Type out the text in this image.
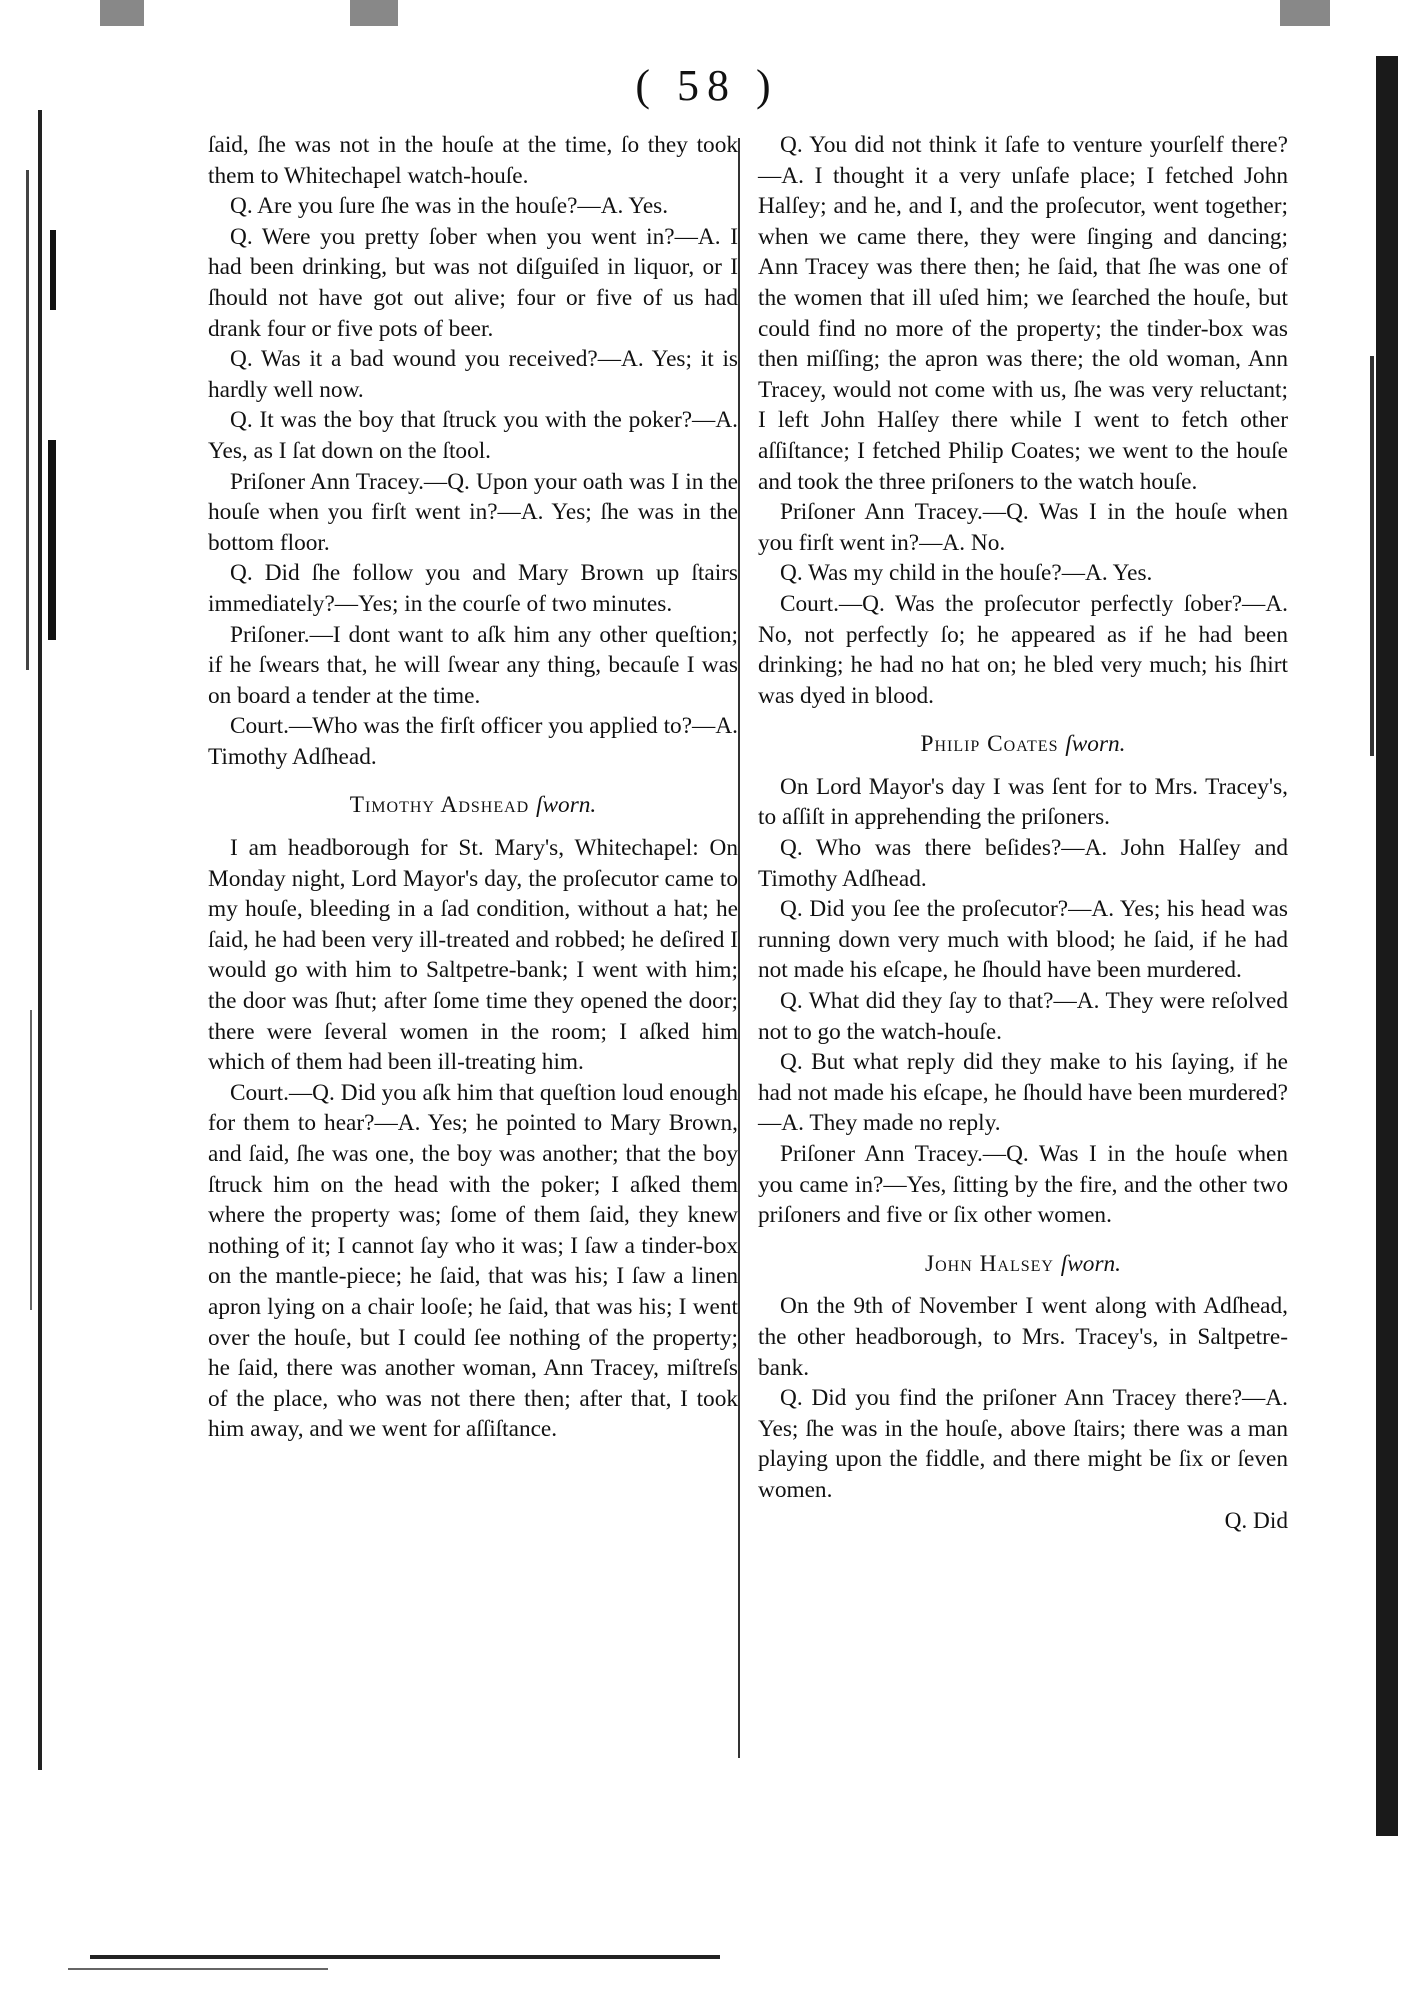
( 58 )

ſaid, ſhe was not in the houſe at the time, ſo they took them to Whitechapel watch-houſe.

Q. Are you ſure ſhe was in the houſe?—A. Yes.

Q. Were you pretty ſober when you went in?—A. I had been drinking, but was not diſguiſed in liquor, or I ſhould not have got out alive; four or five of us had drank four or five pots of beer.

Q. Was it a bad wound you received?—A. Yes; it is hardly well now.

Q. It was the boy that ſtruck you with the poker?—A. Yes, as I ſat down on the ſtool.

Priſoner Ann Tracey.—Q. Upon your oath was I in the houſe when you firſt went in?—A. Yes; ſhe was in the bottom floor.

Q. Did ſhe follow you and Mary Brown up ſtairs immediately?—Yes; in the courſe of two minutes.

Priſoner.—I dont want to aſk him any other queſtion; if he ſwears that, he will ſwear any thing, becauſe I was on board a tender at the time.

Court.—Who was the firſt officer you applied to?—A. Timothy Adſhead.

Timothy Adshead ſworn.

I am headborough for St. Mary's, Whitechapel: On Monday night, Lord Mayor's day, the proſecutor came to my houſe, bleeding in a ſad condition, without a hat; he ſaid, he had been very ill-treated and robbed; he deſired I would go with him to Saltpetre-bank; I went with him; the door was ſhut; after ſome time they opened the door; there were ſeveral women in the room; I aſked him which of them had been ill-treating him.

Court.—Q. Did you aſk him that queſtion loud enough for them to hear?—A. Yes; he pointed to Mary Brown, and ſaid, ſhe was one, the boy was another; that the boy ſtruck him on the head with the poker; I aſked them where the property was; ſome of them ſaid, they knew nothing of it; I cannot ſay who it was; I ſaw a tinder-box on the mantle-piece; he ſaid, that was his; I ſaw a linen apron lying on a chair looſe; he ſaid, that was his; I went over the houſe, but I could ſee nothing of the property; he ſaid, there was another woman, Ann Tracey, miſtreſs of the place, who was not there then; after that, I took him away, and we went for aſſiſtance.

Q. You did not think it ſafe to venture yourſelf there?—A. I thought it a very unſafe place; I fetched John Halſey; and he, and I, and the proſecutor, went together; when we came there, they were ſinging and dancing; Ann Tracey was there then; he ſaid, that ſhe was one of the women that ill uſed him; we ſearched the houſe, but could find no more of the property; the tinder-box was then miſſing; the apron was there; the old woman, Ann Tracey, would not come with us, ſhe was very reluctant; I left John Halſey there while I went to fetch other aſſiſtance; I fetched Philip Coates; we went to the houſe and took the three priſoners to the watch houſe.

Priſoner Ann Tracey.—Q. Was I in the houſe when you firſt went in?—A. No.

Q. Was my child in the houſe?—A. Yes.

Court.—Q. Was the proſecutor perfectly ſober?—A. No, not perfectly ſo; he appeared as if he had been drinking; he had no hat on; he bled very much; his ſhirt was dyed in blood.

Philip Coates ſworn.

On Lord Mayor's day I was ſent for to Mrs. Tracey's, to aſſiſt in apprehending the priſoners.

Q. Who was there beſides?—A. John Halſey and Timothy Adſhead.

Q. Did you ſee the proſecutor?—A. Yes; his head was running down very much with blood; he ſaid, if he had not made his eſcape, he ſhould have been murdered.

Q. What did they ſay to that?—A. They were reſolved not to go the watch-houſe.

Q. But what reply did they make to his ſaying, if he had not made his eſcape, he ſhould have been murdered?—A. They made no reply.

Priſoner Ann Tracey.—Q. Was I in the houſe when you came in?—Yes, ſitting by the fire, and the other two priſoners and five or ſix other women.

John Halsey ſworn.

On the 9th of November I went along with Adſhead, the other headborough, to Mrs. Tracey's, in Saltpetre-bank.

Q. Did you find the priſoner Ann Tracey there?—A. Yes; ſhe was in the houſe, above ſtairs; there was a man playing upon the fiddle, and there might be ſix or ſeven women.

Q. Did
